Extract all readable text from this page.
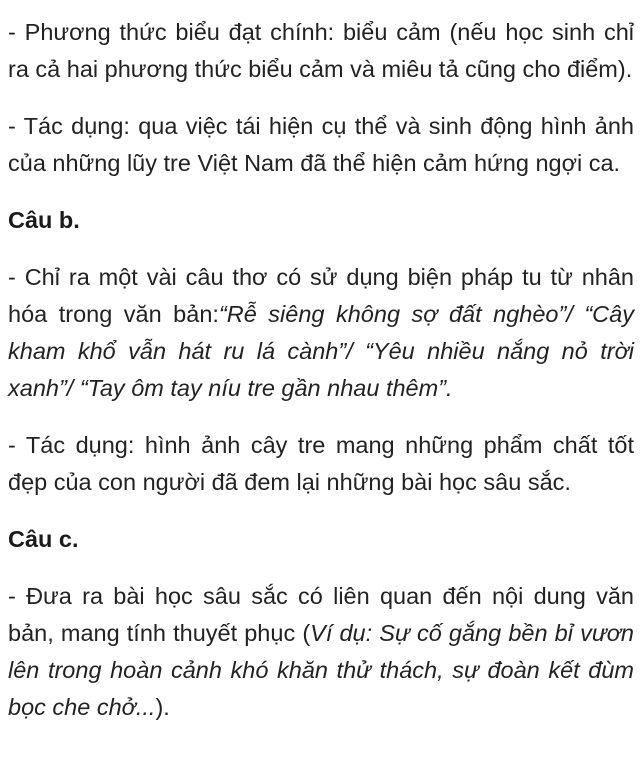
- Phương thức biểu đạt chính: biểu cảm (nếu học sinh chỉ ra cả hai phương thức biểu cảm và miêu tả cũng cho điểm).

- Tác dụng: qua việc tái hiện cụ thể và sinh động hình ảnh của những lũy tre Việt Nam đã thể hiện cảm hứng ngợi ca.

Câu b.

- Chỉ ra một vài câu thơ có sử dụng biện pháp tu từ nhân hóa trong văn bản:“Rễ siêng không sợ đất nghèo”/ “Cây kham khổ vẫn hát ru lá cành”/ “Yêu nhiều nắng nỏ trời xanh”/ “Tay ôm tay níu tre gần nhau thêm”.

- Tác dụng: hình ảnh cây tre mang những phẩm chất tốt đẹp của con người đã đem lại những bài học sâu sắc.

Câu c.

- Đưa ra bài học sâu sắc có liên quan đến nội dung văn bản, mang tính thuyết phục (Ví dụ: Sự cố gắng bền bỉ vươn lên trong hoàn cảnh khó khăn thử thách, sự đoàn kết đùm bọc che chở...).
